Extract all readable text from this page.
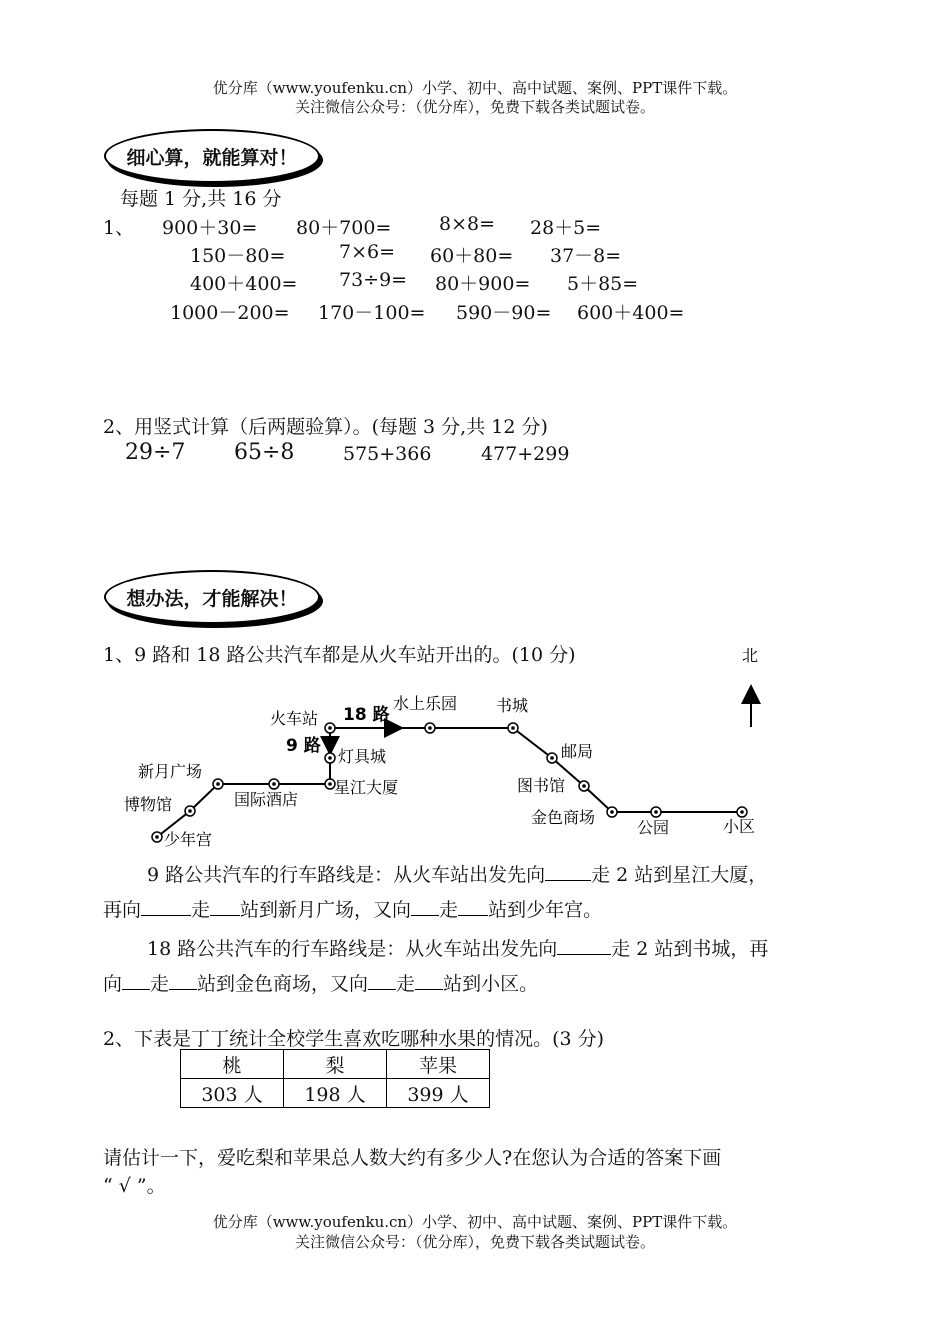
优分库（www.youfenku.cn）小学、初中、高中试题、案例、PPT课件下载。
关注微信公众号：（优分库），免费下载各类试题试卷。
细心算，就能算对！
每题 1 分,共 16 分
1、 900＋30= 80＋700=	8×8= 28＋5=
150－80=	7×6= 60＋80= 37－8=
400＋400= 73÷9= 80＋900= 5＋85=
1000－200= 170－100= 590－90= 600＋400=
2、用竖式计算（后两题验算）。(每题 3 分,共 12 分)
29÷7 65÷8	575+366	477+299
想办法，才能解决！
1、9 路和 18 路公共汽车都是从火车站开出的。(10 分)	北
火车站 18 路
9 路
水上乐园 书城
邮局
图书馆
金色商场
公园	小区
灯具城
星江大厦
国际酒店
新月广场
博物馆
少年宫
9 路公共汽车的行车路线是：从火车站出发先向 走 2 站到星江大厦，
再向	走 站到新月广场，又向 走 站到少年宫。
18 路公共汽车的行车路线是：从火车站出发先向	走 2 站到书城，再
向 走 站到金色商场，又向 走 站到小区。
2、下表是丁丁统计全校学生喜欢吃哪种水果的情况。(3 分)
桃	梨	苹果
303 人	198 人	399 人
请估计一下，爱吃梨和苹果总人数大约有多少人?在您认为合适的答案下画
“ √ ”。
优分库（www.youfenku.cn）小学、初中、高中试题、案例、PPT课件下载。
关注微信公众号：（优分库），免费下载各类试题试卷。
